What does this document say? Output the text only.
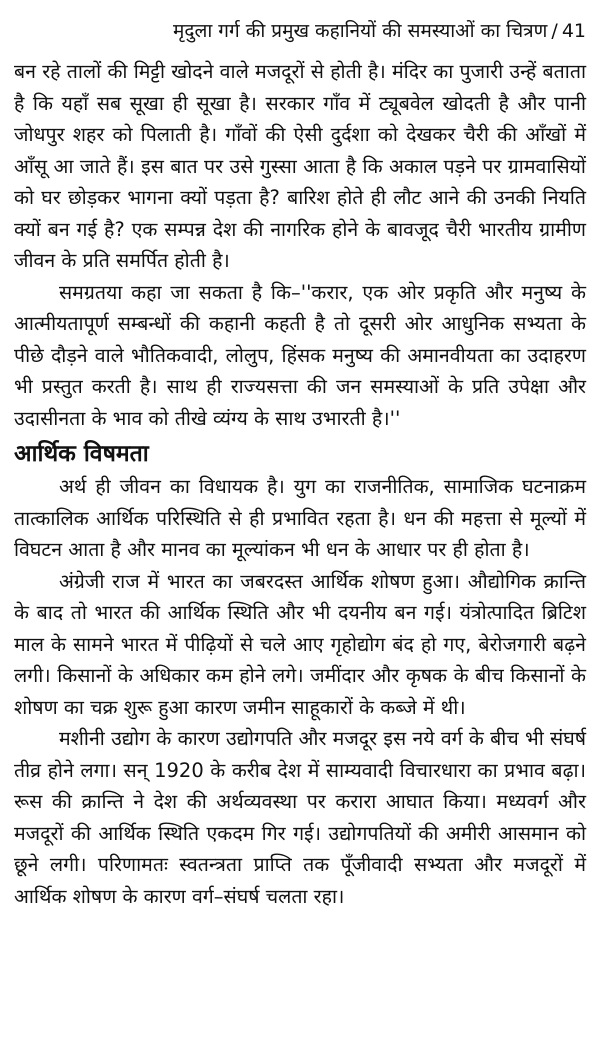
मृदुला गर्ग की प्रमुख कहानियों की समस्याओं का चित्रण / 41

बन रहे तालों की मिट्टी खोदने वाले मजदूरों से होती है। मंदिर का पुजारी उन्हें बताता है कि यहाँ सब सूखा ही सूखा है। सरकार गाँव में ट्यूबवेल खोदती है और पानी जोधपुर शहर को पिलाती है। गाँवों की ऐसी दुर्दशा को देखकर चैरी की आँखों में आँसू आ जाते हैं। इस बात पर उसे गुस्सा आता है कि अकाल पड़ने पर ग्रामवासियों को घर छोड़कर भागना क्यों पड़ता है? बारिश होते ही लौट आने की उनकी नियति क्यों बन गई है? एक सम्पन्न देश की नागरिक होने के बावजूद चैरी भारतीय ग्रामीण जीवन के प्रति समर्पित होती है।

समग्रतया कहा जा सकता है कि–''करार, एक ओर प्रकृति और मनुष्य के आत्मीयतापूर्ण सम्बन्धों की कहानी कहती है तो दूसरी ओर आधुनिक सभ्यता के पीछे दौड़ने वाले भौतिकवादी, लोलुप, हिंसक मनुष्य की अमानवीयता का उदाहरण भी प्रस्तुत करती है। साथ ही राज्यसत्ता की जन समस्याओं के प्रति उपेक्षा और उदासीनता के भाव को तीखे व्यंग्य के साथ उभारती है।''

आर्थिक विषमता

अर्थ ही जीवन का विधायक है। युग का राजनीतिक, सामाजिक घटनाक्रम तात्कालिक आर्थिक परिस्थिति से ही प्रभावित रहता है। धन की महत्ता से मूल्यों में विघटन आता है और मानव का मूल्यांकन भी धन के आधार पर ही होता है।

अंग्रेजी राज में भारत का जबरदस्त आर्थिक शोषण हुआ। औद्योगिक क्रान्ति के बाद तो भारत की आर्थिक स्थिति और भी दयनीय बन गई। यंत्रोत्पादित ब्रिटिश माल के सामने भारत में पीढ़ियों से चले आए गृहोद्योग बंद हो गए, बेरोजगारी बढ़ने लगी। किसानों के अधिकार कम होने लगे। जमींदार और कृषक के बीच किसानों के शोषण का चक्र शुरू हुआ कारण जमीन साहूकारों के कब्जे में थी।

मशीनी उद्योग के कारण उद्योगपति और मजदूर इस नये वर्ग के बीच भी संघर्ष तीव्र होने लगा। सन् 1920 के करीब देश में साम्यवादी विचारधारा का प्रभाव बढ़ा। रूस की क्रान्ति ने देश की अर्थव्यवस्था पर करारा आघात किया। मध्यवर्ग और मजदूरों की आर्थिक स्थिति एकदम गिर गई। उद्योगपतियों की अमीरी आसमान को छूने लगी। परिणामतः स्वतन्त्रता प्राप्ति तक पूँजीवादी सभ्यता और मजदूरों में आर्थिक शोषण के कारण वर्ग–संघर्ष चलता रहा।
